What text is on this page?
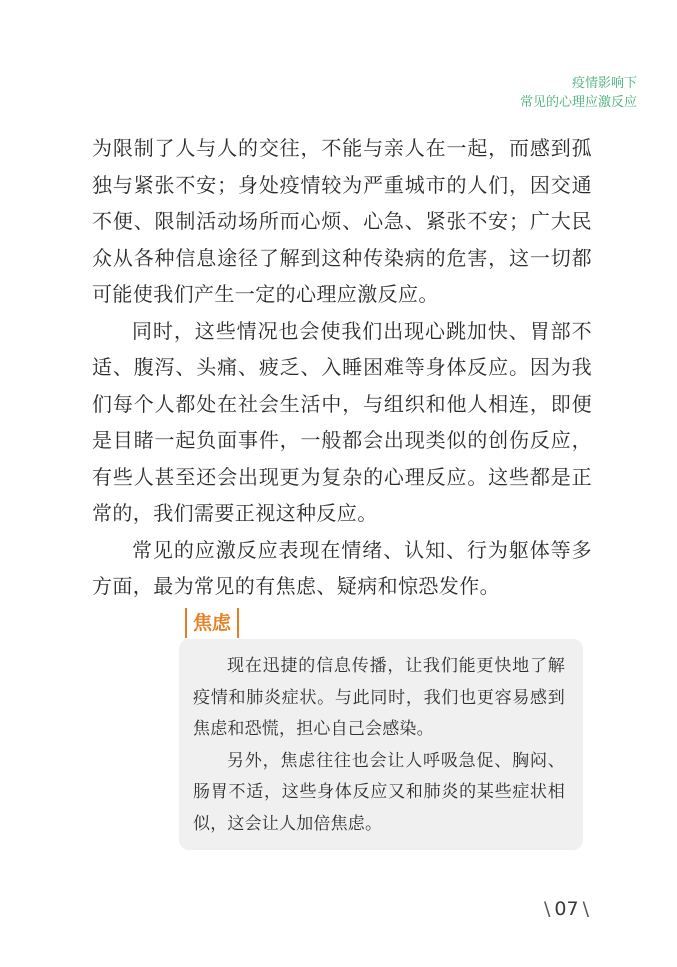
疫情影响下
常见的心理应激反应

为限制了人与人的交往，不能与亲人在一起，而感到孤独与紧张不安；身处疫情较为严重城市的人们，因交通不便、限制活动场所而心烦、心急、紧张不安；广大民众从各种信息途径了解到这种传染病的危害，这一切都可能使我们产生一定的心理应激反应。

同时，这些情况也会使我们出现心跳加快、胃部不适、腹泻、头痛、疲乏、入睡困难等身体反应。因为我们每个人都处在社会生活中，与组织和他人相连，即便是目睹一起负面事件，一般都会出现类似的创伤反应，有些人甚至还会出现更为复杂的心理反应。这些都是正常的，我们需要正视这种反应。

常见的应激反应表现在情绪、认知、行为躯体等多方面，最为常见的有焦虑、疑病和惊恐发作。

焦虑

现在迅捷的信息传播，让我们能更快地了解疫情和肺炎症状。与此同时，我们也更容易感到焦虑和恐慌，担心自己会感染。

另外，焦虑往往也会让人呼吸急促、胸闷、肠胃不适，这些身体反应又和肺炎的某些症状相似，这会让人加倍焦虑。

\ 07 \
